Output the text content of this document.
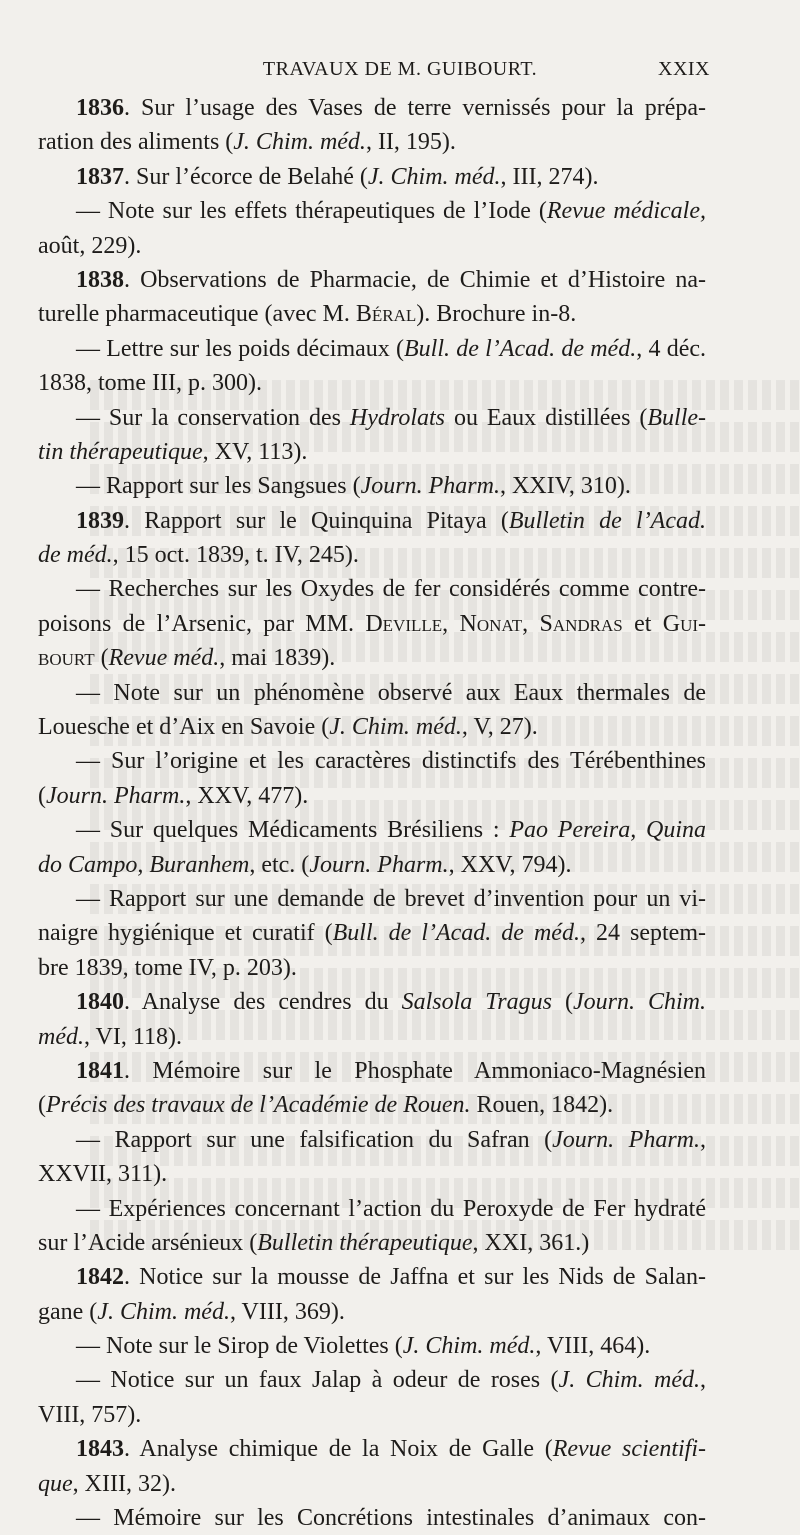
TRAVAUX DE M. GUIBOURT.	XXIX
1836. Sur l’usage des Vases de terre vernissés pour la prépa-
ration des aliments (J. Chim. méd., II, 195).
1837. Sur l’écorce de Belahé (J. Chim. méd., III, 274).
— Note sur les effets thérapeutiques de l’Iode (Revue médicale,
août, 229).
1838. Observations de Pharmacie, de Chimie et d’Histoire na-
turelle pharmaceutique (avec M. Béral). Brochure in-8.
— Lettre sur les poids décimaux (Bull. de l’Acad. de méd., 4 déc.
1838, tome III, p. 300).
— Sur la conservation des Hydrolats ou Eaux distillées (Bulle-
tin thérapeutique, XV, 113).
— Rapport sur les Sangsues (Journ. Pharm., XXIV, 310).
1839. Rapport sur le Quinquina Pitaya (Bulletin de l’Acad.
de méd., 15 oct. 1839, t. IV, 245).
— Recherches sur les Oxydes de fer considérés comme contre-
poisons de l’Arsenic, par MM. Deville, Nonat, Sandras et Gui-
bourt (Revue méd., mai 1839).
— Note sur un phénomène observé aux Eaux thermales de
Louesche et d’Aix en Savoie (J. Chim. méd., V, 27).
— Sur l’origine et les caractères distinctifs des Térébenthines
(Journ. Pharm., XXV, 477).
— Sur quelques Médicaments Brésiliens : Pao Pereira, Quina
do Campo, Buranhem, etc. (Journ. Pharm., XXV, 794).
— Rapport sur une demande de brevet d’invention pour un vi-
naigre hygiénique et curatif (Bull. de l’Acad. de méd., 24 septem-
bre 1839, tome IV, p. 203).
1840. Analyse des cendres du Salsola Tragus (Journ. Chim.
méd., VI, 118).
1841. Mémoire sur le Phosphate Ammoniaco-Magnésien
(Précis des travaux de l’Académie de Rouen. Rouen, 1842).
— Rapport sur une falsification du Safran (Journ. Pharm.,
XXVII, 311).
— Expériences concernant l’action du Peroxyde de Fer hydraté
sur l’Acide arsénieux (Bulletin thérapeutique, XXI, 361.)
1842. Notice sur la mousse de Jaffna et sur les Nids de Salan-
gane (J. Chim. méd., VIII, 369).
— Note sur le Sirop de Violettes (J. Chim. méd., VIII, 464).
— Notice sur un faux Jalap à odeur de roses (J. Chim. méd.,
VIII, 757).
1843. Analyse chimique de la Noix de Galle (Revue scientifi-
que, XIII, 32).
— Mémoire sur les Concrétions intestinales d’animaux con-
